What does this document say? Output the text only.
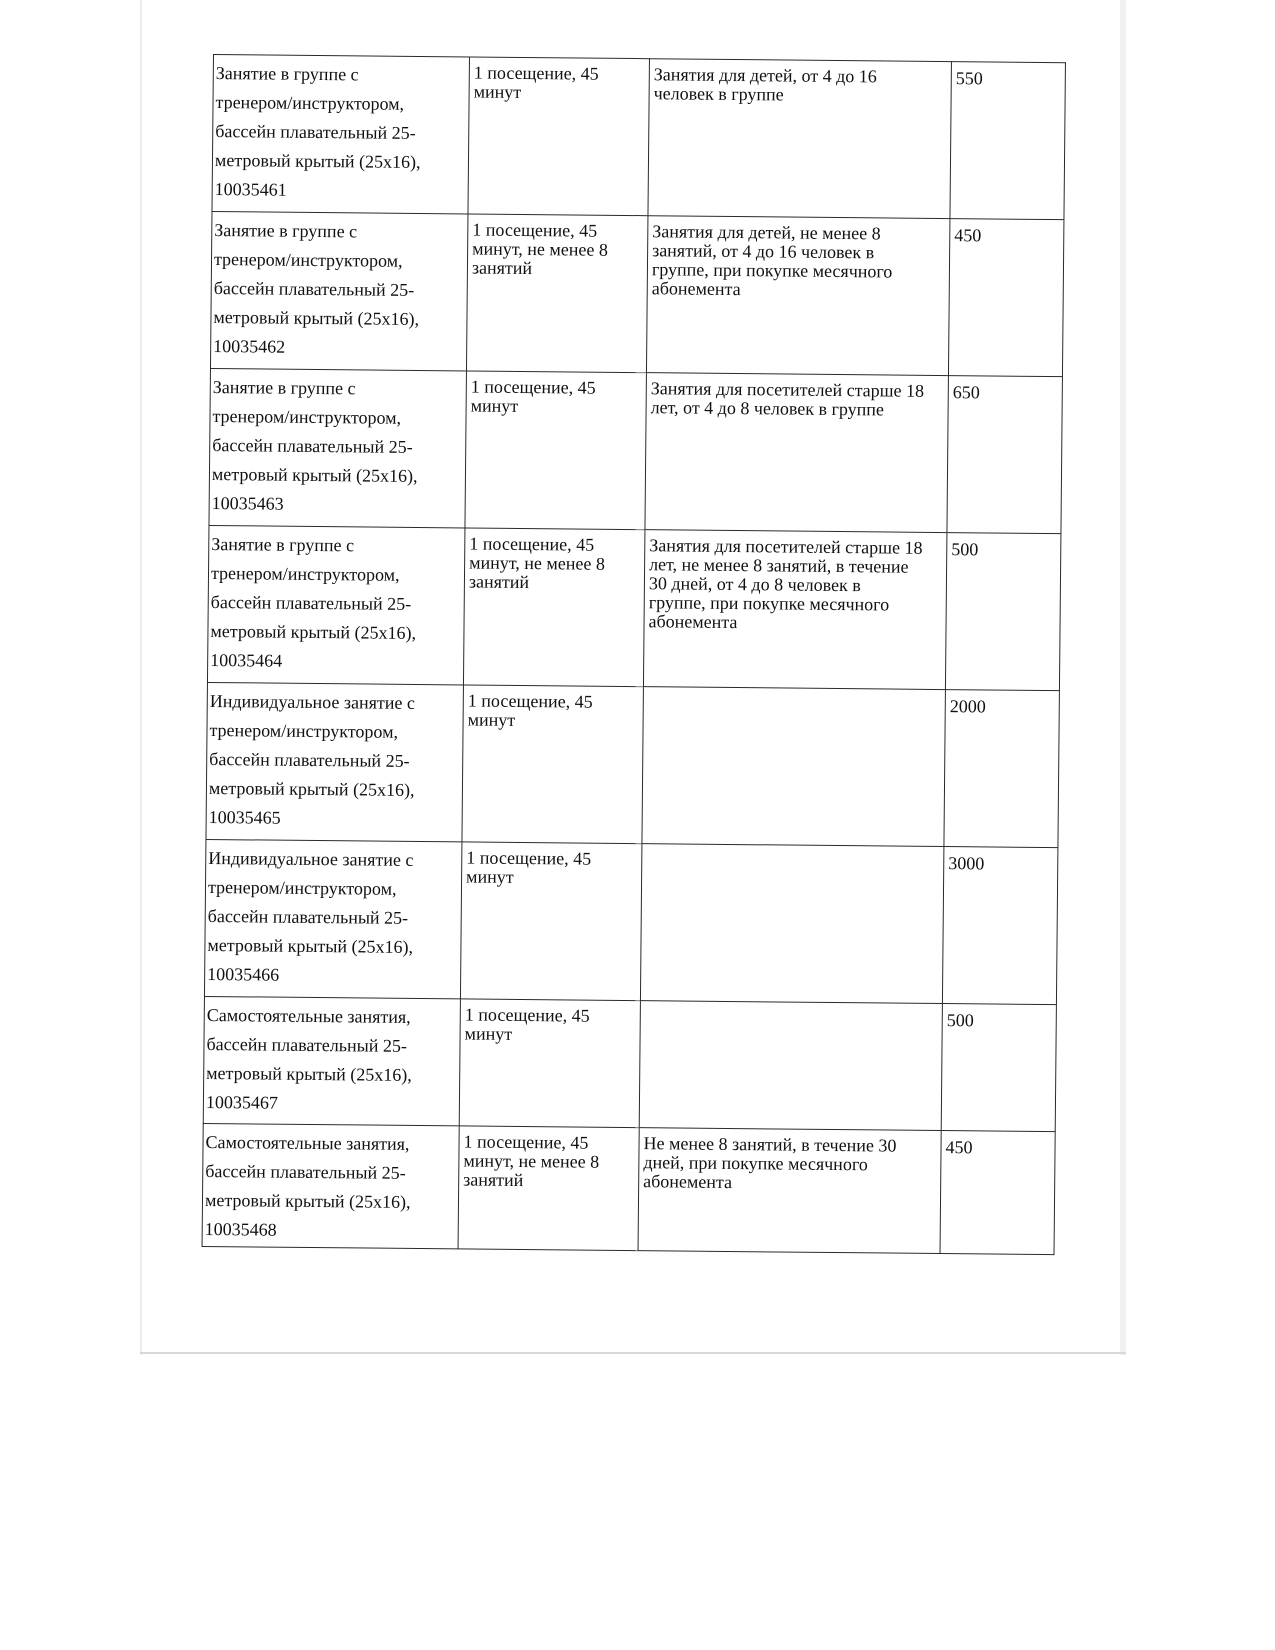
Занятие в группе с
тренером/инструктором,
бассейн плавательный 25-
метровый крытый (25х16),
10035461	1 посещение, 45
минут	Занятия для детей, от 4 до 16
человек в группе	550

Занятие в группе с
тренером/инструктором,
бассейн плавательный 25-
метровый крытый (25х16),
10035462	1 посещение, 45
минут, не менее 8
занятий	Занятия для детей, не менее 8
занятий, от 4 до 16 человек в
группе, при покупке месячного
абонемента	450

Занятие в группе с
тренером/инструктором,
бассейн плавательный 25-
метровый крытый (25х16),
10035463	1 посещение, 45
минут	Занятия для посетителей старше 18
лет, от 4 до 8 человек в группе	650

Занятие в группе с
тренером/инструктором,
бассейн плавательный 25-
метровый крытый (25х16),
10035464	1 посещение, 45
минут, не менее 8
занятий	Занятия для посетителей старше 18
лет, не менее 8 занятий, в течение
30 дней, от 4 до 8 человек в
группе, при покупке месячного
абонемента	500

Индивидуальное занятие с
тренером/инструктором,
бассейн плавательный 25-
метровый крытый (25х16),
10035465	1 посещение, 45
минут		2000

Индивидуальное занятие с
тренером/инструктором,
бассейн плавательный 25-
метровый крытый (25х16),
10035466	1 посещение, 45
минут		3000

Самостоятельные занятия,
бассейн плавательный 25-
метровый крытый (25х16),
10035467	1 посещение, 45
минут		500

Самостоятельные занятия,
бассейн плавательный 25-
метровый крытый (25х16),
10035468	1 посещение, 45
минут, не менее 8
занятий	Не менее 8 занятий, в течение 30
дней, при покупке месячного
абонемента	450
